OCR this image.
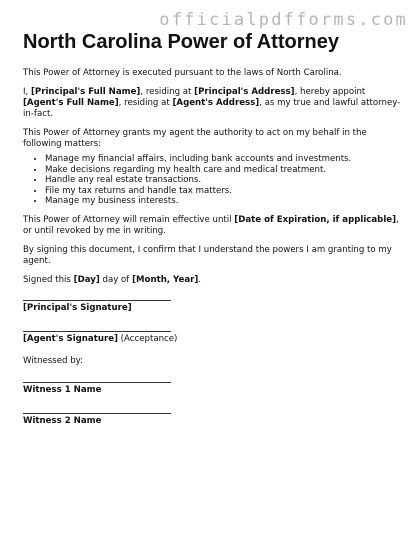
officialpdfforms.com
North Carolina Power of Attorney
This Power of Attorney is executed pursuant to the laws of North Carolina.
I, [Principal's Full Name], residing at [Principal's Address], hereby appoint [Agent's Full Name], residing at [Agent's Address], as my true and lawful attorney-in-fact.
This Power of Attorney grants my agent the authority to act on my behalf in the following matters:
• Manage my financial affairs, including bank accounts and investments.
• Make decisions regarding my health care and medical treatment.
• Handle any real estate transactions.
• File my tax returns and handle tax matters.
• Manage my business interests.
This Power of Attorney will remain effective until [Date of Expiration, if applicable], or until revoked by me in writing.
By signing this document, I confirm that I understand the powers I am granting to my agent.
Signed this [Day] day of [Month, Year].
[Principal's Signature]
[Agent's Signature] (Acceptance)
Witnessed by:
Witness 1 Name
Witness 2 Name
